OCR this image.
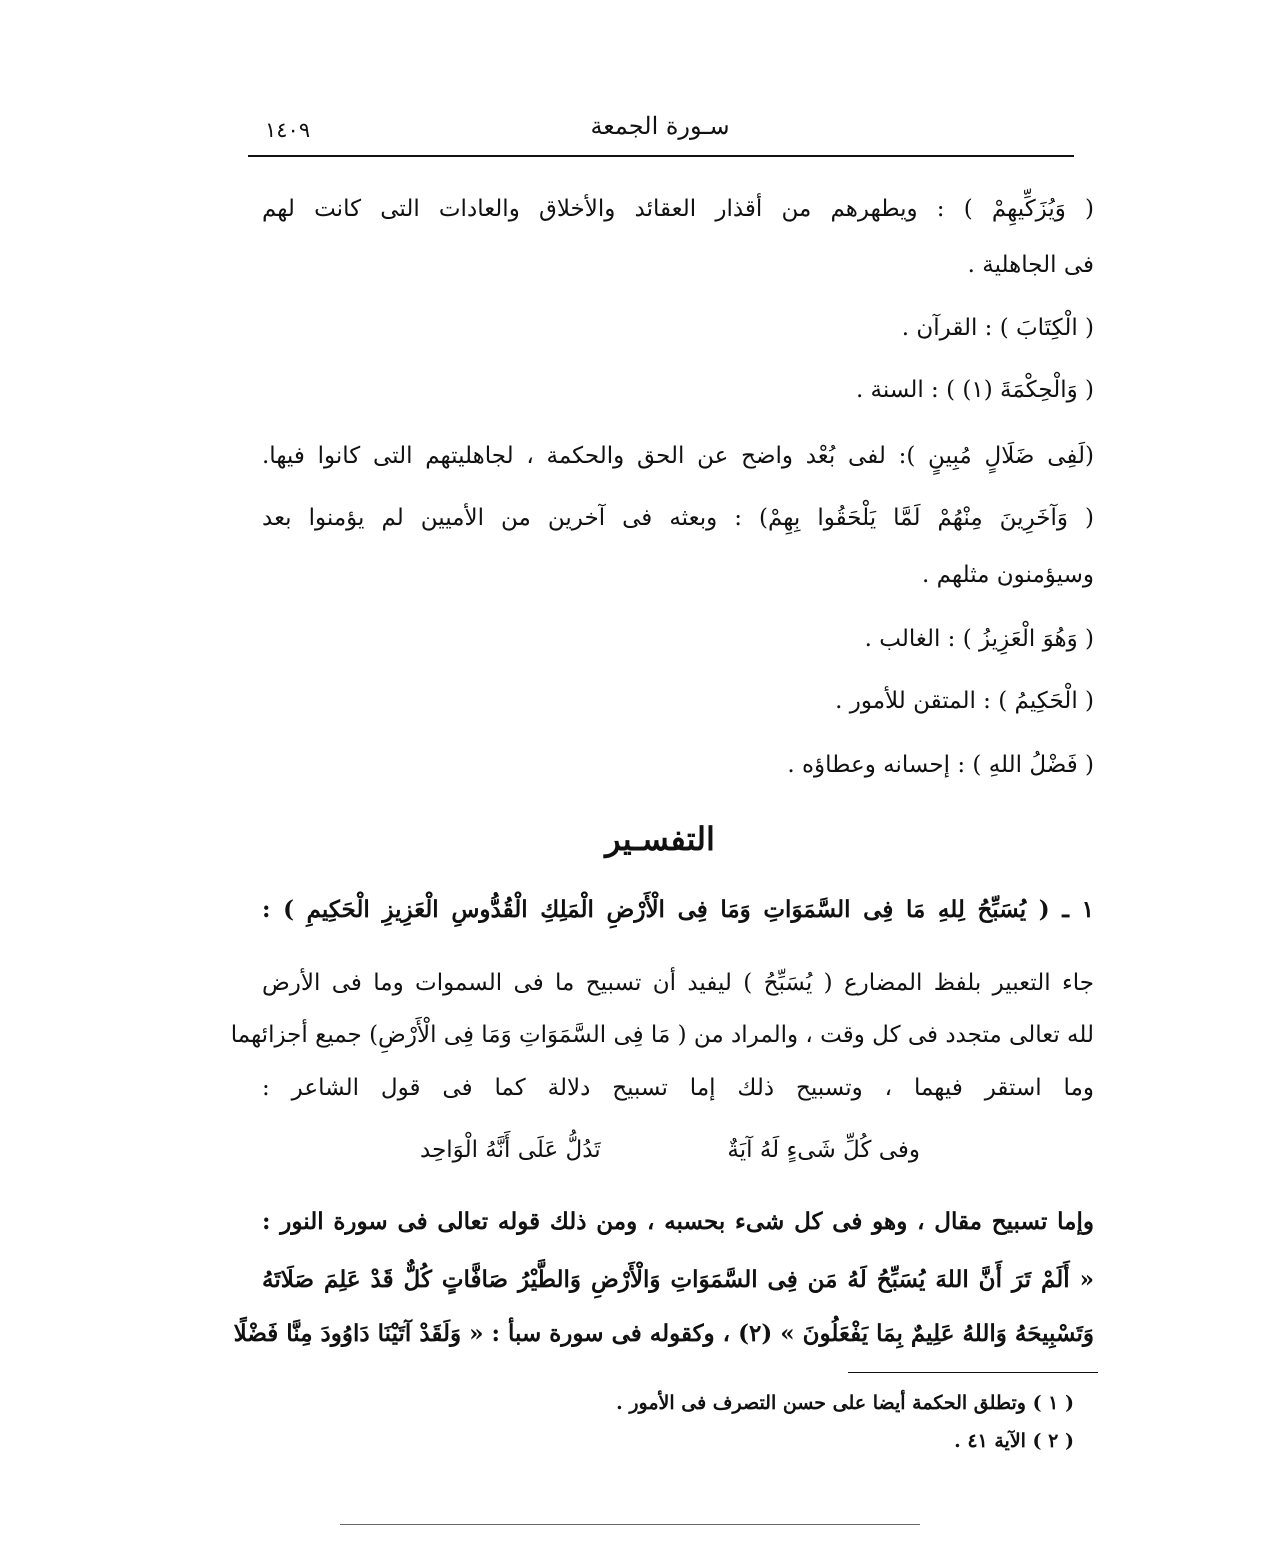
سـورة الجمعة
١٤٠٩
( وَيُزَكِّيهِمْ ) : ويطهرهم من أقذار العقائد والأخلاق والعادات التى كانت لهم
فى الجاهلية .
( الْكِتَابَ ) : القرآن .
( وَالْحِكْمَةَ (١) ) : السنة .
(لَفِى ضَلَالٍ مُبِينٍ ): لفى بُعْد واضح عن الحق والحكمة ، لجاهليتهم التى كانوا فيها.
( وَآخَرِينَ مِنْهُمْ لَمَّا يَلْحَقُوا بِهِمْ) : وبعثه فى آخرين من الأميين لم يؤمنوا بعد
وسيؤمنون مثلهم .
( وَهُوَ الْعَزِيزُ ) : الغالب .
( الْحَكِيمُ ) : المتقن للأمور .
( فَضْلُ اللهِ ) : إحسانه وعطاؤه .
التفسـير
١ ـ ( يُسَبِّحُ لِلهِ مَا فِى السَّمَوَاتِ وَمَا فِى الْأَرْضِ الْمَلِكِ الْقُدُّوسِ الْعَزِيزِ الْحَكِيمِ ) :
جاء التعبير بلفظ المضارع ( يُسَبِّحُ ) ليفيد أن تسبيح ما فى السموات وما فى الأرض
لله تعالى متجدد فى كل وقت ، والمراد من ( مَا فِى السَّمَوَاتِ وَمَا فِى الْأَرْضِ) جميع أجزائهما
وما استقر فيهما ، وتسبيح ذلك إما تسبيح دلالة كما فى قول الشاعر :
وفى كُلِّ شَىءٍ لَهُ آيَةٌ
تَدُلُّ عَلَى أَنَّهُ الْوَاحِد
وإما تسبيح مقال ، وهو فى كل شىء بحسبه ، ومن ذلك قوله تعالى فى سورة النور :
« أَلَمْ تَرَ أَنَّ اللهَ يُسَبِّحُ لَهُ مَن فِى السَّمَوَاتِ وَالْأَرْضِ وَالطَّيْرُ صَافَّاتٍ كُلٌّ قَدْ عَلِمَ صَلَاتَهُ
وَتَسْبِيحَهُ وَاللهُ عَلِيمٌ بِمَا يَفْعَلُونَ » (٢) ، وكقوله فى سورة سبأ : « وَلَقَدْ آتَيْنَا دَاوُودَ مِنَّا فَضْلًا
( ١ ) وتطلق الحكمة أيضا على حسن التصرف فى الأمور .
( ٢ ) الآية ٤١ .
